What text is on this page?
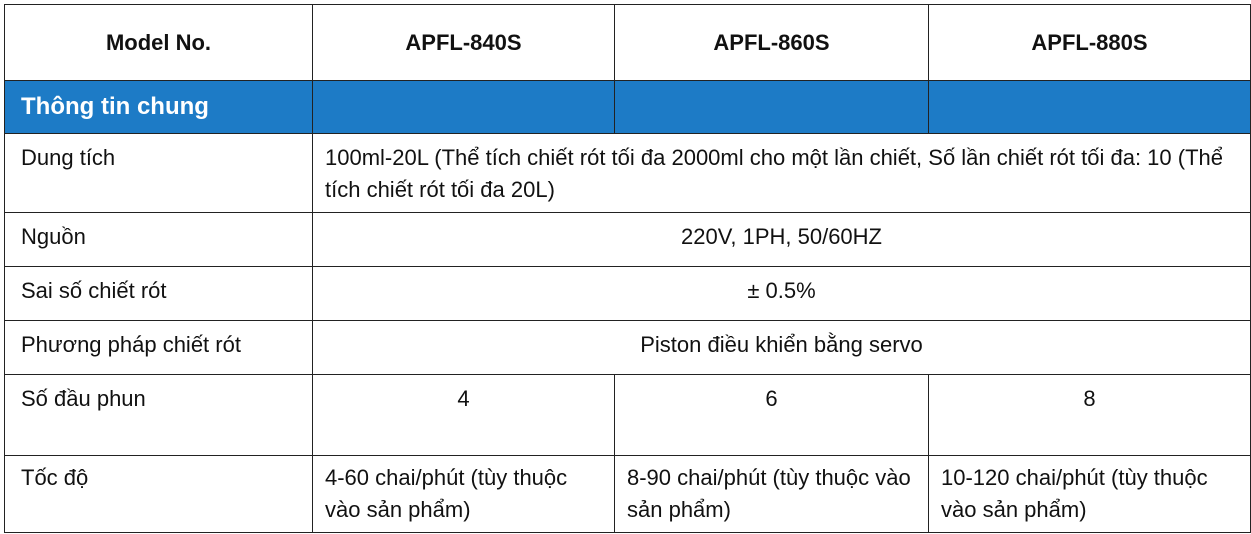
Model No.	APFL-840S	APFL-860S	APFL-880S
Thông tin chung			
Dung tích	100ml-20L (Thể tích chiết rót tối đa 2000ml cho một lần chiết, Số lần chiết rót tối đa: 10 (Thể tích chiết rót tối đa 20L)		
Nguồn	220V, 1PH, 50/60HZ		
Sai số chiết rót	± 0.5%		
Phương pháp chiết rót	Piston điều khiển bằng servo		
Số đầu phun	4	6	8
Tốc độ	4-60 chai/phút (tùy thuộc vào sản phẩm)	8-90 chai/phút (tùy thuộc vào sản phẩm)	10-120 chai/phút (tùy thuộc vào sản phẩm)
